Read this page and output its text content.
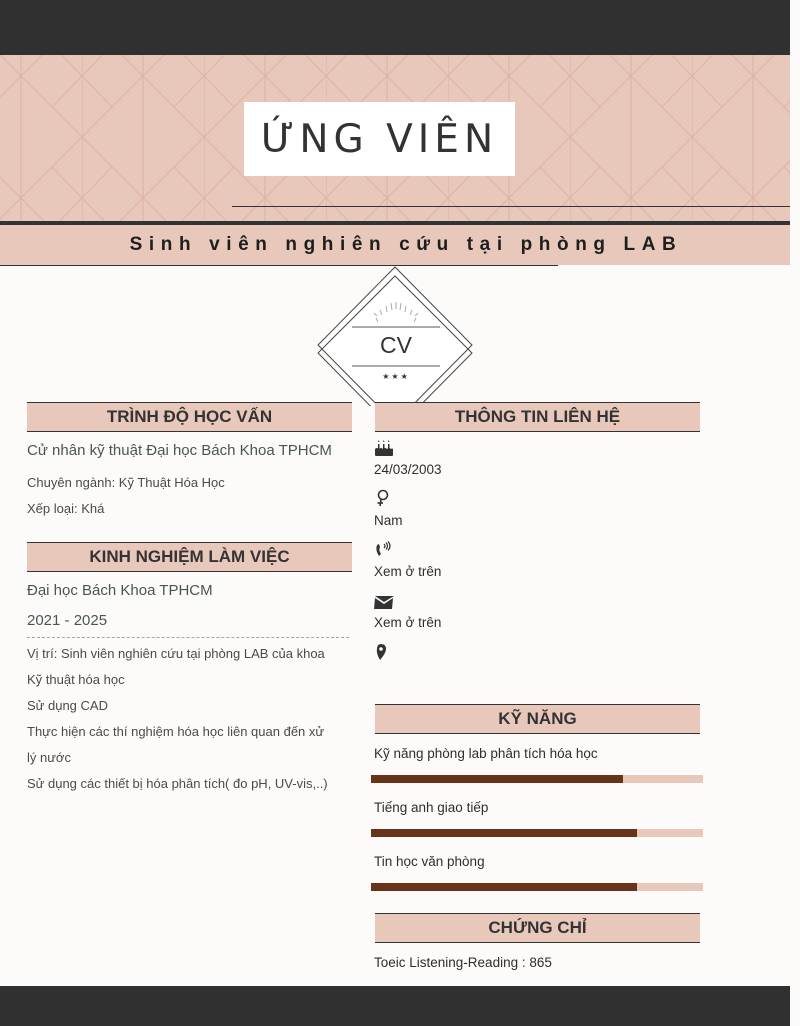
ỨNG VIÊN
Sinh viên nghiên cứu tại phòng LAB
CV
★★★
TRÌNH ĐỘ HỌC VẤN
Cử nhân kỹ thuật Đại học Bách Khoa TPHCM
Chuyên ngành: Kỹ Thuật Hóa Học
Xếp loại: Khá
KINH NGHIỆM LÀM VIỆC
Đại học Bách Khoa TPHCM
2021 - 2025
Vị trí: Sinh viên nghiên cứu tại phòng LAB của khoa
Kỹ thuật hóa học
Sử dụng CAD
Thực hiện các thí nghiệm hóa học liên quan đến xử
lý nước
Sử dụng các thiết bị hóa phân tích( đo pH, UV-vis,..)
THÔNG TIN LIÊN HỆ
24/03/2003
Nam
Xem ở trên
Xem ở trên
KỸ NĂNG
Kỹ năng phòng lab phân tích hóa học
Tiếng anh giao tiếp
Tin học văn phòng
CHỨNG CHỈ
Toeic Listening-Reading : 865
